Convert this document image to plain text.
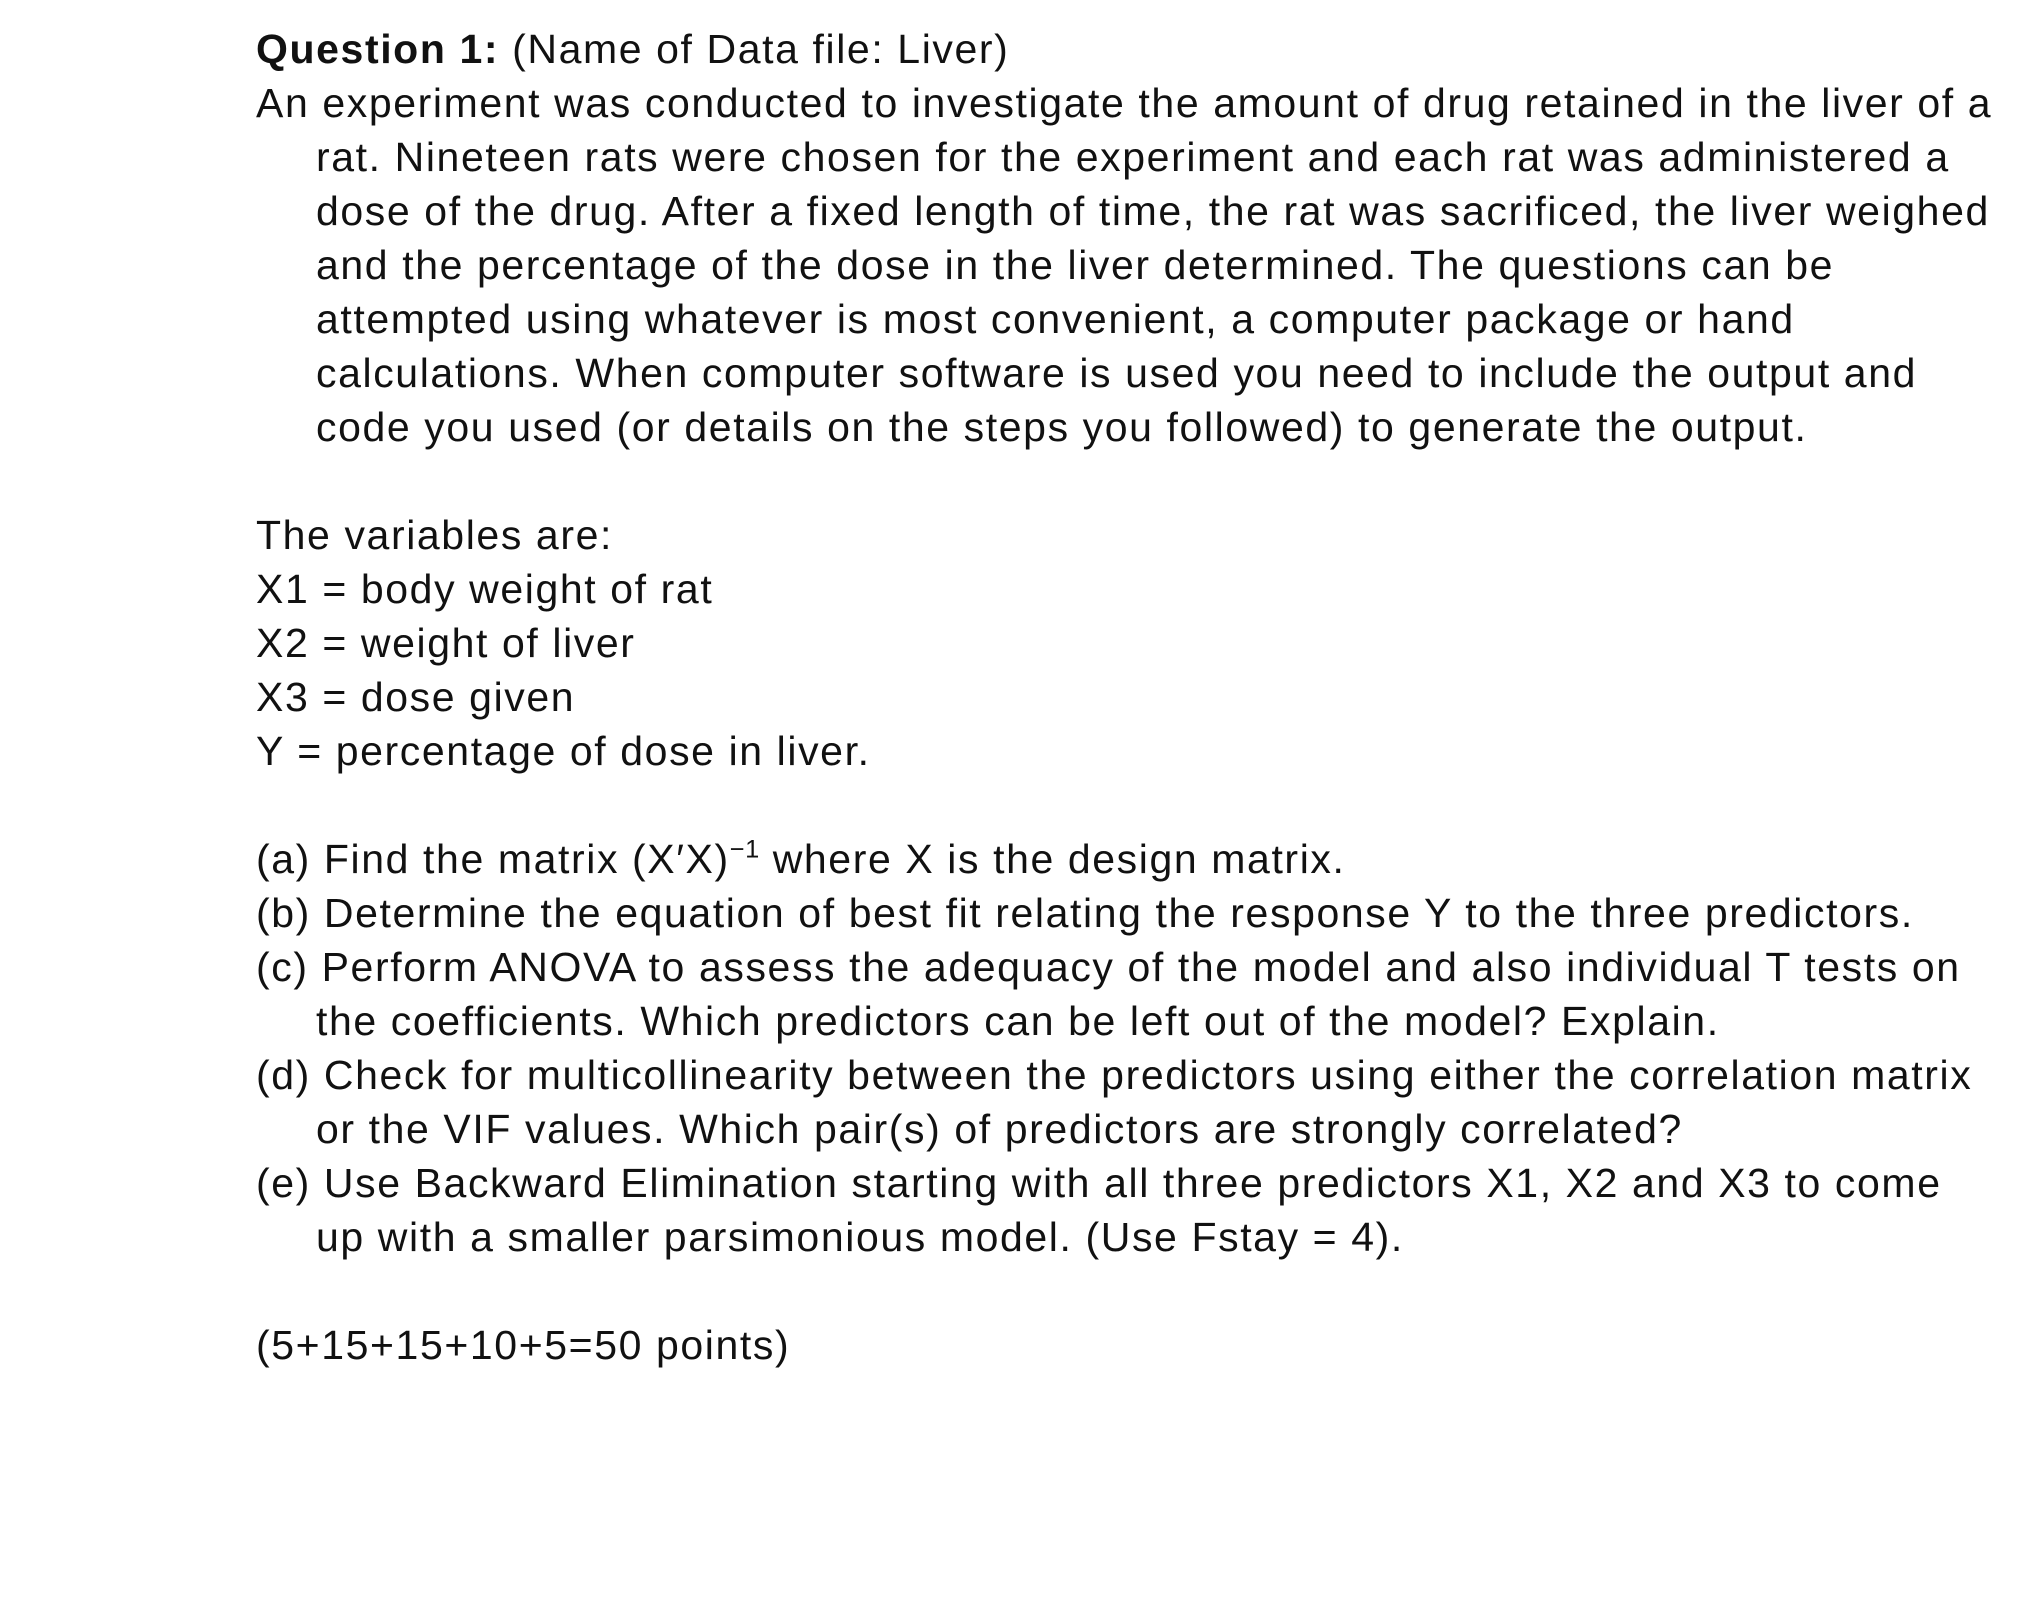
Question 1: (Name of Data file: Liver)

An experiment was conducted to investigate the amount of drug retained in the liver of a rat. Nineteen rats were chosen for the experiment and each rat was administered a dose of the drug. After a fixed length of time, the rat was sacrificed, the liver weighed and the percentage of the dose in the liver determined. The questions can be attempted using whatever is most convenient, a computer package or hand calculations. When computer software is used you need to include the output and code you used (or details on the steps you followed) to generate the output.

The variables are:

X1 = body weight of rat

X2 = weight of liver

X3 = dose given

Y = percentage of dose in liver.

(a) Find the matrix $(X'X)^{-1}$ where X is the design matrix.

(b) Determine the equation of best fit relating the response Y to the three predictors.

(c) Perform ANOVA to assess the adequacy of the model and also individual T tests on the coefficients. Which predictors can be left out of the model? Explain.

(d) Check for multicollinearity between the predictors using either the correlation matrix or the VIF values. Which pair(s) of predictors are strongly correlated?

(e) Use Backward Elimination starting with all three predictors X1, X2 and X3 to come up with a smaller parsimonious model. (Use Fstay = 4).

(5+15+15+10+5=50 points)
